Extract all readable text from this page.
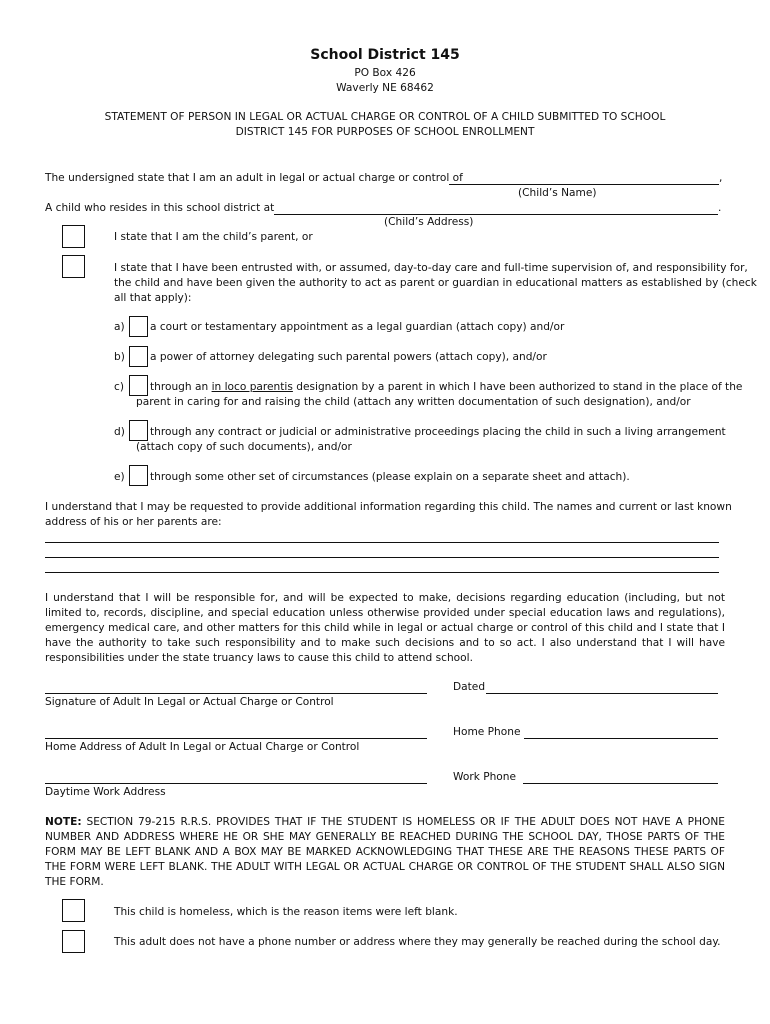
School District 145
PO Box 426
Waverly NE 68462
STATEMENT OF PERSON IN LEGAL OR ACTUAL CHARGE OR CONTROL OF A CHILD SUBMITTED TO SCHOOL
DISTRICT 145 FOR PURPOSES OF SCHOOL ENROLLMENT
The undersigned state that I am an adult in legal or actual charge or control of	,
(Child’s Name)
A child who resides in this school district at	.
(Child’s Address)
I state that I am the child’s parent, or
I state that I have been entrusted with, or assumed, day-to-day care and full-time supervision of, and responsibility for,
the child and have been given the authority to act as parent or guardian in educational matters as established by (check
all that apply):
a) a court or testamentary appointment as a legal guardian (attach copy) and/or
b) a power of attorney delegating such parental powers (attach copy), and/or
c) through an in loco parentis designation by a parent in which I have been authorized to stand in the place of the
parent in caring for and raising the child (attach any written documentation of such designation), and/or
d) through any contract or judicial or administrative proceedings placing the child in such a living arrangement
(attach copy of such documents), and/or
e) through some other set of circumstances (please explain on a separate sheet and attach).
I understand that I may be requested to provide additional information regarding this child. The names and current or last known
address of his or her parents are:
I understand that I will be responsible for, and will be expected to make, decisions regarding education (including, but not limited to, records, discipline, and special education unless otherwise provided under special education laws and regulations), emergency medical care, and other matters for this child while in legal or actual charge or control of this child and I state that I have the authority to take such responsibility and to make such decisions and to so act. I also understand that I will have responsibilities under the state truancy laws to cause this child to attend school.
Signature of Adult In Legal or Actual Charge or Control
Dated
Home Address of Adult In Legal or Actual Charge or Control
Home Phone
Daytime Work Address
Work Phone
NOTE: SECTION 79-215 R.R.S. PROVIDES THAT IF THE STUDENT IS HOMELESS OR IF THE ADULT DOES NOT HAVE A PHONE NUMBER AND ADDRESS WHERE HE OR SHE MAY GENERALLY BE REACHED DURING THE SCHOOL DAY, THOSE PARTS OF THE FORM MAY BE LEFT BLANK AND A BOX MAY BE MARKED ACKNOWLEDGING THAT THESE ARE THE REASONS THESE PARTS OF THE FORM WERE LEFT BLANK. THE ADULT WITH LEGAL OR ACTUAL CHARGE OR CONTROL OF THE STUDENT SHALL ALSO SIGN THE FORM.
This child is homeless, which is the reason items were left blank.
This adult does not have a phone number or address where they may generally be reached during the school day.
